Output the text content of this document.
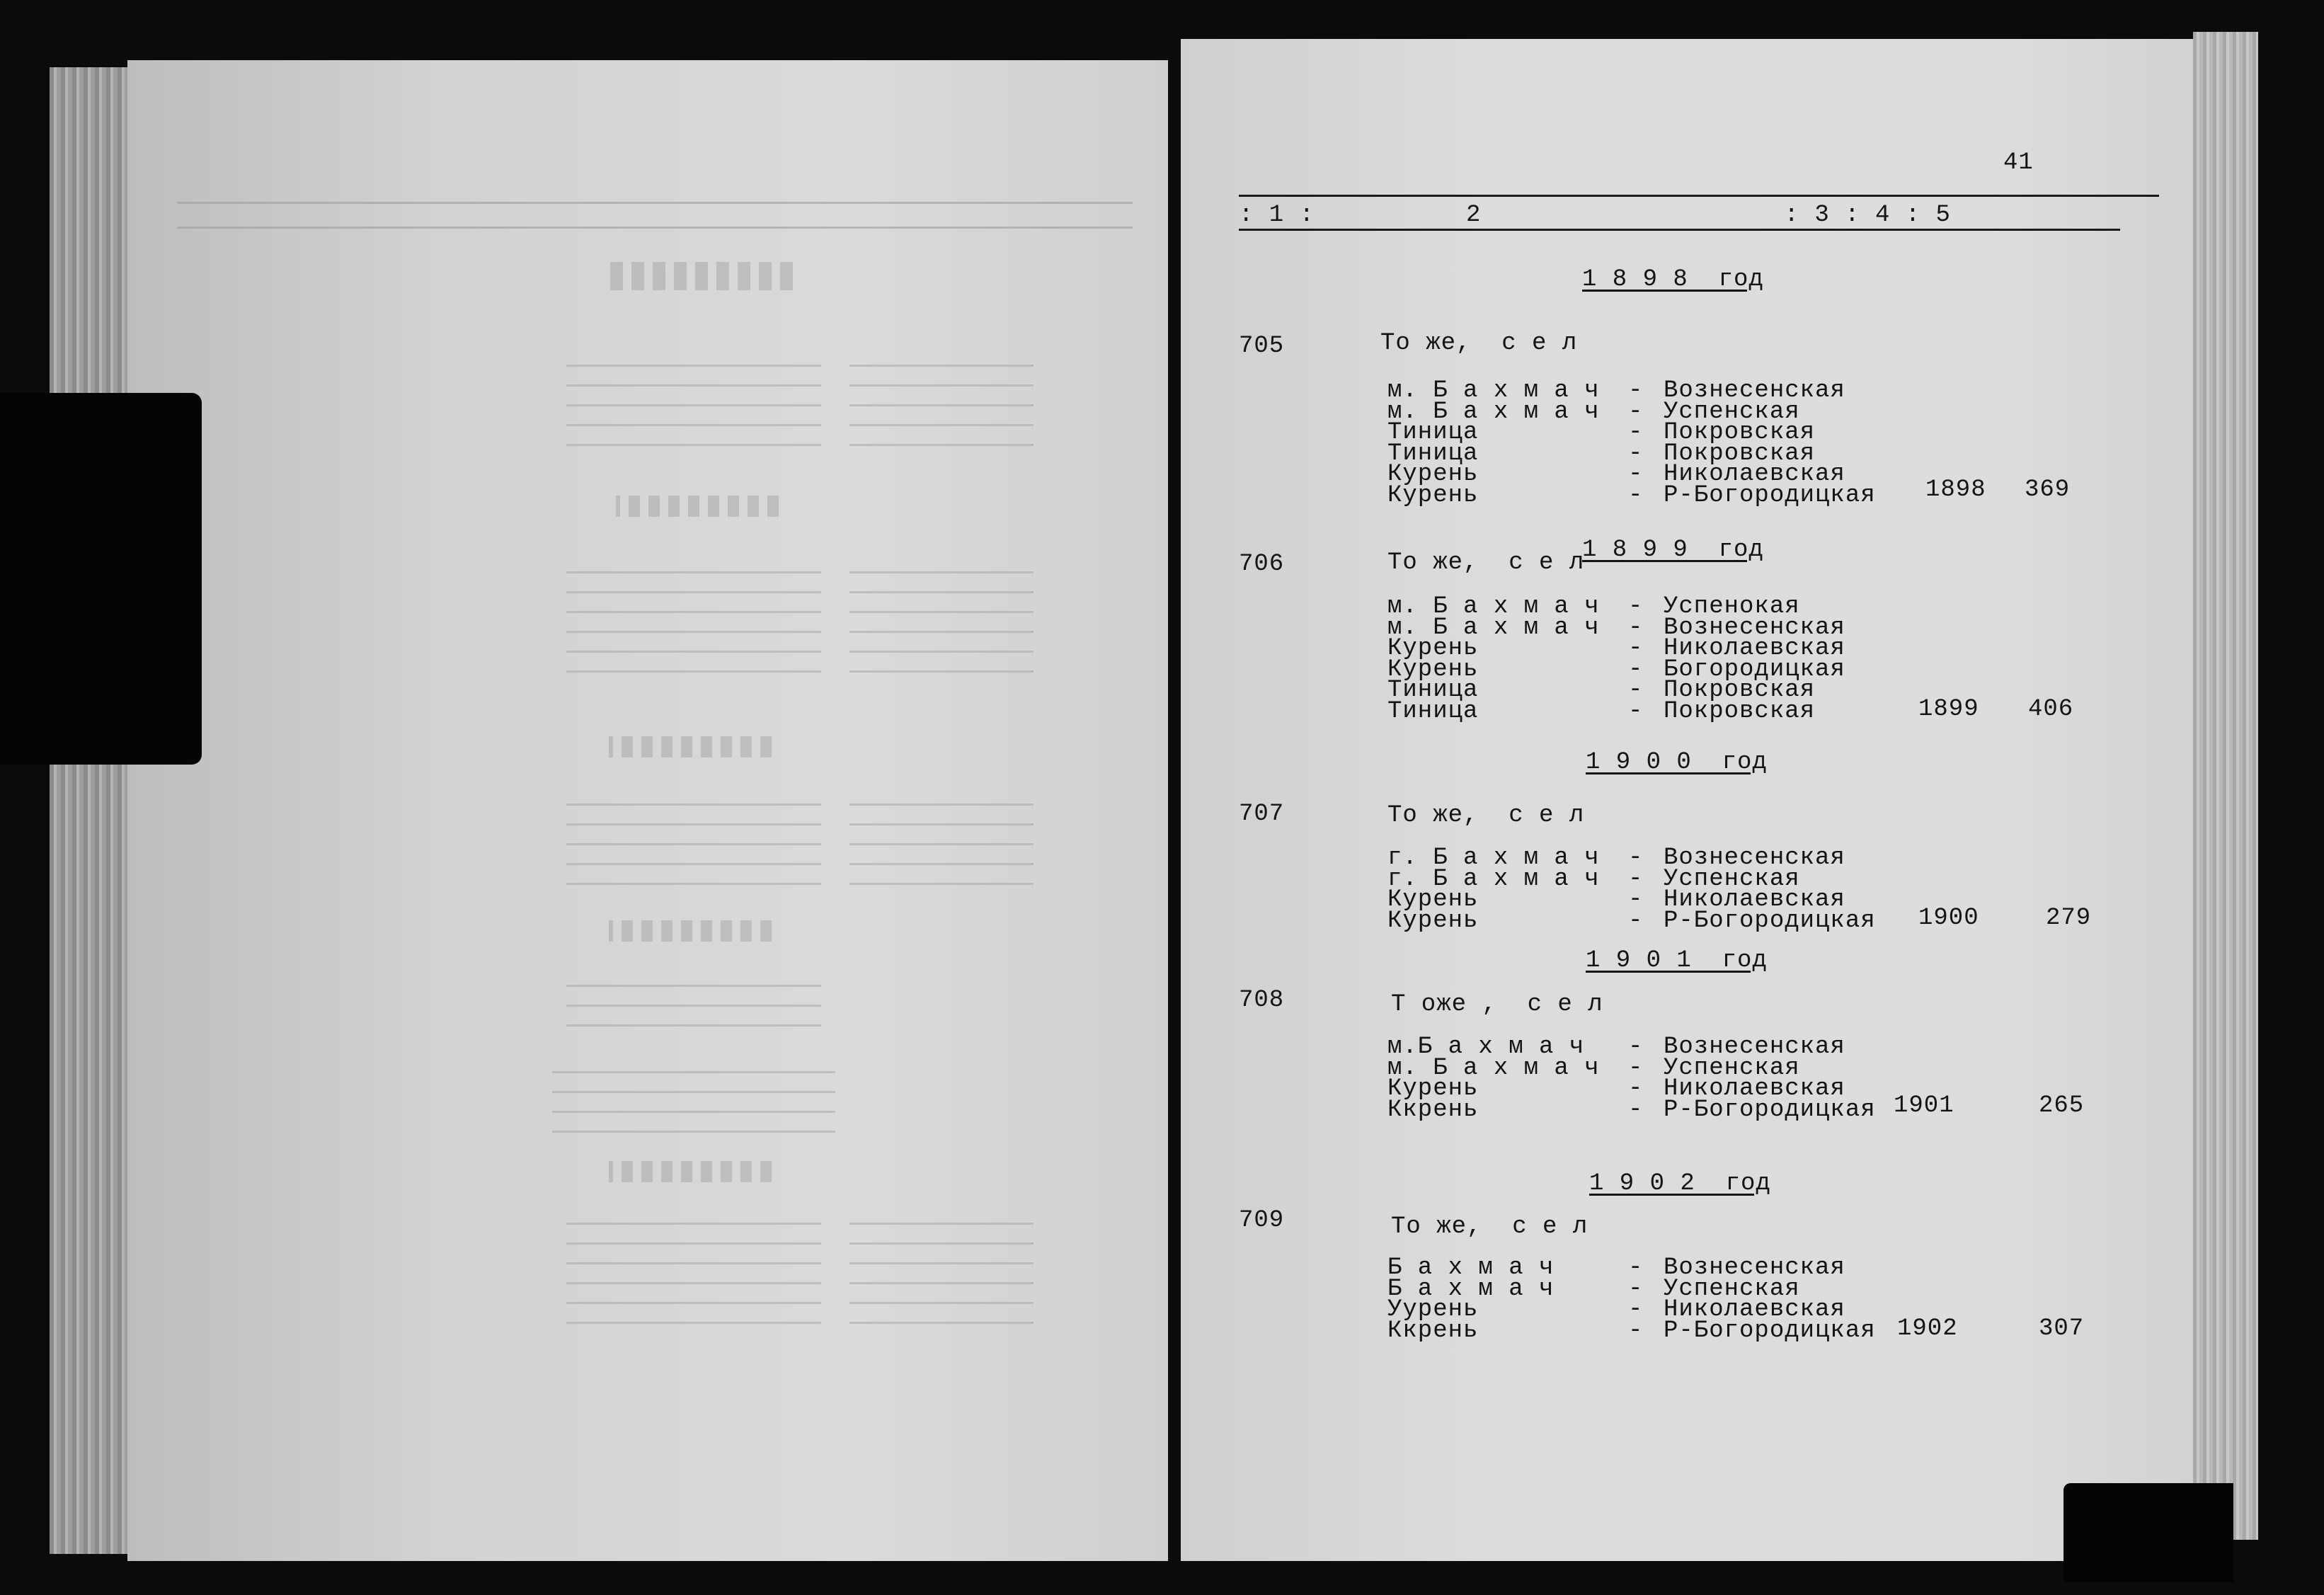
41
: 1 :          2                    : 3 : 4 : 5
1 8 9 8  год
705	То же,  с е л
м. Б а х м а ч - Вознесенская
м. Б а х м а ч - Успенская
Тиница	- Покровская
Тиница	- Покровская
Курень	- Николаевская
Курень	- Р-Богородицкая 1898 369
1 8 9 9  год
706	То же,  с е л
м. Б а х м а ч - Успенокая
м. Б а х м а ч - Вознесенская
Курень	- Николаевская
Курень	- Богородицкая
Тиница	- Покровская
Тиница	- Покровская	1899 406
1 9 0 0  год
707	То же,  с е л
г. Б а х м а ч - Вознесенская
г. Б а х м а ч - Успенская
Курень	- Николаевская
Курень	- Р-Богородицкая 1900	279
1 9 0 1  год
708	Т оже ,  с е л
м.Б а х м а ч - Вознесенская
м. Б а х м а ч - Успенская
Курень	- Николаевская
Ккрень	- Р-Богородицкая 1901	265
1 9 0 2  год
709	То же,  с е л
Б а х м а ч	- Вознесенская
Б а х м а ч	- Успенская
Уурень	- Николаевская
Ккрень	- Р-Богородицкая 1902	307
